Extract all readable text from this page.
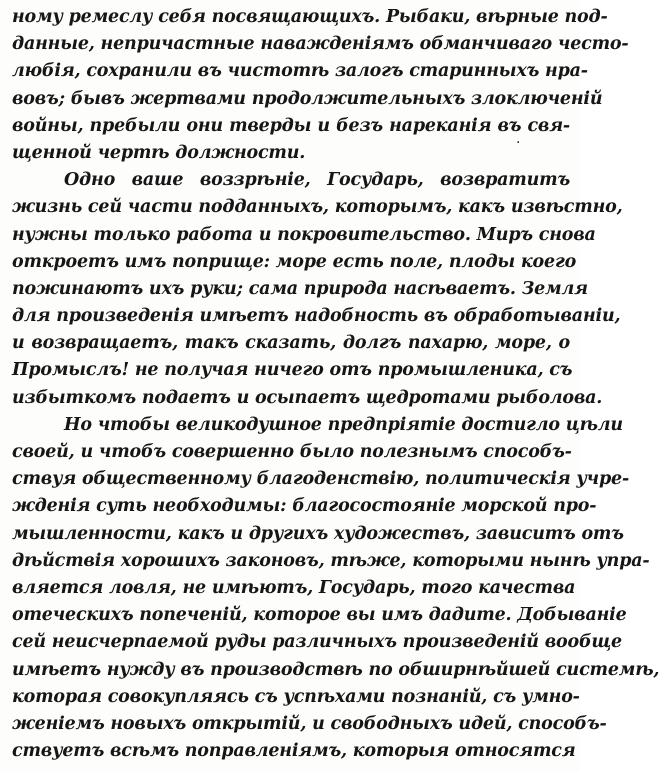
ному ремеслу себя посвящающихъ. Рыбаки, вѣрные под-
данные, непричастные наважденiямъ обманчиваго често-
любiя, сохранили въ чистотѣ залогъ старинныхъ нра-
вовъ; бывъ жертвами продолжительныхъ злоключенiй
войны, пребыли они тверды и безъ нареканiя въ свя-
щенной чертѣ должности.
Одно ваше воззрѣнiе, Государь, возвратитъ
жизнь сей части подданныхъ, которымъ, какъ извѣстно,
нужны только работа и покровительство. Миръ снова
откроетъ имъ поприще: море есть поле, плоды коего
пожинаютъ ихъ руки; сама природа насѣваетъ. Земля
для произведенiя имѣетъ надобность въ обработыванiи,
и возвращаетъ, такъ сказать, долгъ пахарю, море, о
Промыслъ! не получая ничего отъ промышленика, съ
избыткомъ подаетъ и осыпаетъ щедротами рыболова.
Но чтобы великодушное предпрiятiе достигло цѣли
своей, и чтобъ совершенно было полезнымъ способъ-
ствуя общественному благоденствiю, политическiя учре-
жденiя суть необходимы: благосостоянiе морской про-
мышленности, какъ и другихъ художествъ, зависитъ отъ
дѣйствiя хорошихъ законовъ, тѣже, которыми нынѣ упра-
вляется ловля, не имѣютъ, Государь, того качества
отеческихъ попеченiй, которое вы имъ дадите. Добыванiе
сей неисчерпаемой руды различныхъ произведенiй вообще
имѣетъ нужду въ производствѣ по обширнѣйшей системѣ,
которая совокупляясь съ успѣхами познанiй, съ умно-
женiемъ новыхъ открытiй, и свободныхъ идей, способъ-
ствуетъ всѣмъ поправленiямъ, которыя относятся
·
